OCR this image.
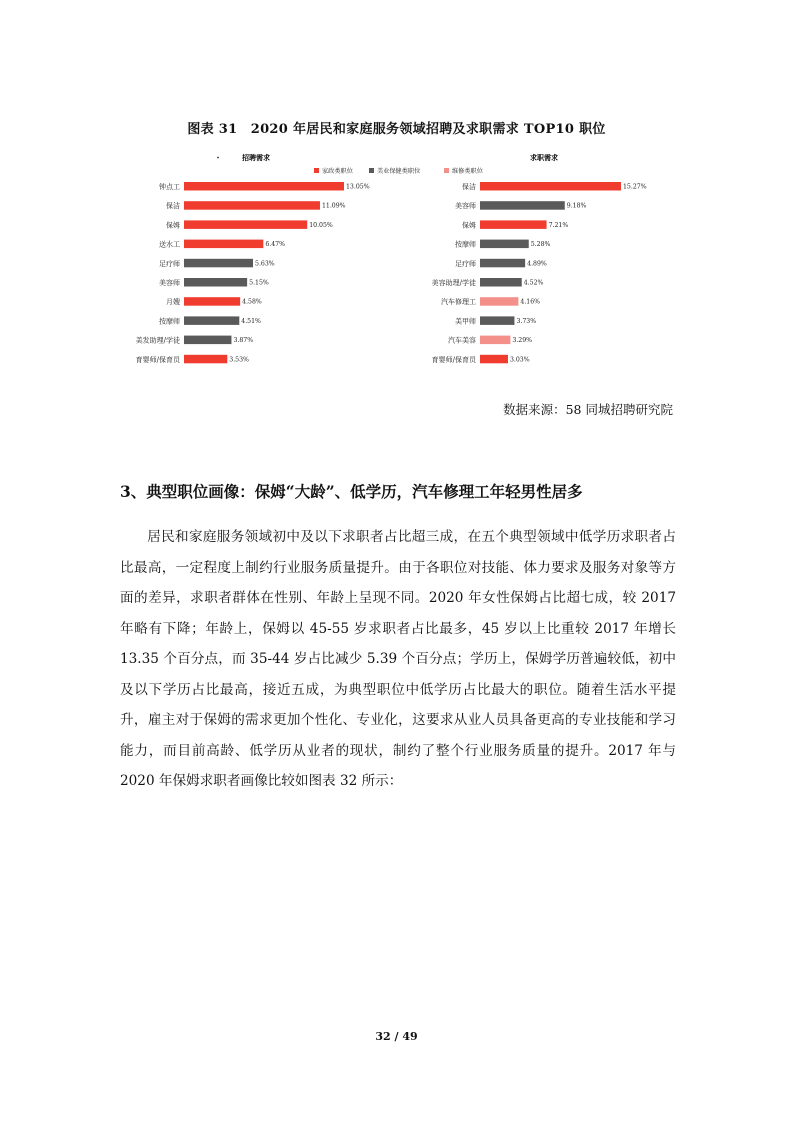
图表 31　2020 年居民和家庭服务领域招聘及求职需求 TOP10 职位
招聘需求
家政类职位	美业保健类职位
钟点工
保洁
保姆
送水工
足疗师
美容师
月嫂
按摩师
美发助理/学徒
育婴师/保育员
13.05%
11.09%
10.05%
6.47%
5.63%
5.15%
4.58%
4.51%
3.87%
3.53%
求职需求
保洁
美容师
保姆
按摩师
足疗师
美容助理/学徒
汽车修理工
美甲师
汽车美容
育婴师/保育员
15.27%
9.18%
7.21%
5.28%
4.89%
4.52%
4.16%
3.73%
3.29%
3.03%
维修类职位
数据来源：58 同城招聘研究院
3、典型职位画像：保姆“大龄”、低学历，汽车修理工年轻男性居多
居民和家庭服务领域初中及以下求职者占比超三成，在五个典型领域中低学历求职者占比最高，一定程度上制约行业服务质量提升。由于各职位对技能、体力要求及服务对象等方面的差异，求职者群体在性别、年龄上呈现不同。2020 年女性保姆占比超七成，较 2017 年略有下降；年龄上，保姆以 45-55 岁求职者占比最多，45 岁以上比重较 2017 年增长 13.35 个百分点，而 35-44 岁占比减少 5.39 个百分点；学历上，保姆学历普遍较低，初中及以下学历占比最高，接近五成，为典型职位中低学历占比最大的职位。随着生活水平提升，雇主对于保姆的需求更加个性化、专业化，这要求从业人员具备更高的专业技能和学习能力，而目前高龄、低学历从业者的现状，制约了整个行业服务质量的提升。2017 年与 2020 年保姆求职者画像比较如图表 32 所示：
32 / 49
